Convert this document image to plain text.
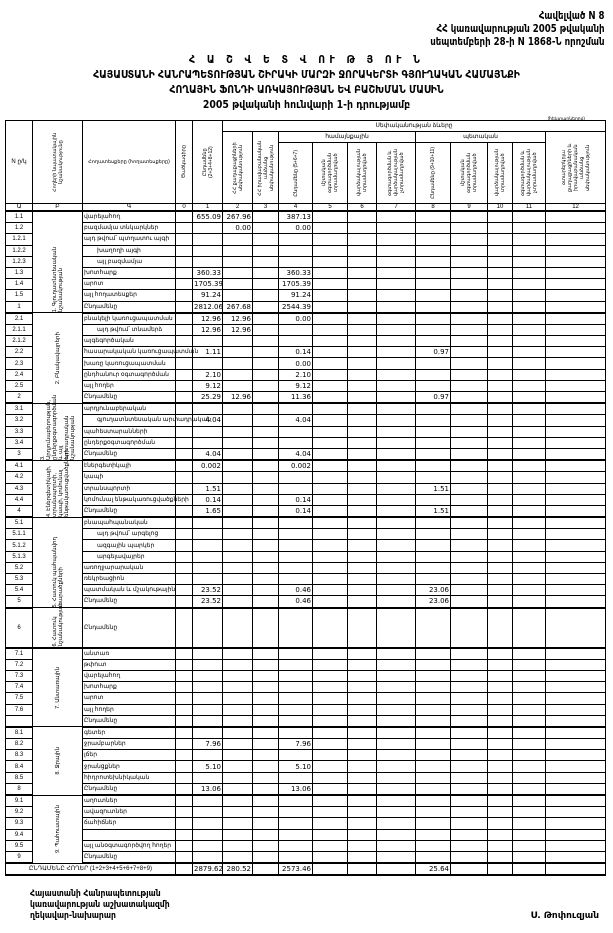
Հավելված N 8
ՀՀ կառավարության 2005 թվականի
սեպտեմբերի 28-ի N 1868-Ն որոշման
Հ Ա Շ Վ Ե Տ Վ ՈՒ Թ Յ ՈՒ Ն
ՀԱՅԱՍՏԱՆԻ ՀԱՆՐԱՊԵՏՈՒԹՅԱՆ ՇԻՐԱԿԻ ՄԱՐԶԻ ՋՈՐԱԿԵՐՏԻ ԳՅՈՒՂԱԿԱՆ ՀԱՄԱՅՆՔԻ
ՀՈՂԱՅԻՆ ՖՈՆԴԻ ԱՌԿԱՅՈՒԹՅԱՆ ԵՎ ԲԱՇԽՄԱՆ ՄԱՍԻՆ
2005 թվականի հունվարի 1-ի դրությամբ
(հեկտարներով)
N ը/կ	Հողերի նպատակային նշանակությունը	Հողատեսքերը (հողատեսքերը)	Ծածկագիրը	Ընդամենը (2+3+4+8+12)	Սեփականության ձևերը										

					ՀՀ քաղաքացիների սեփականություն	ՀՀ իրավաբանական անձանց սեփականություն	համայնքային				պետական				օտարերկրյա քաղաքացիների և իրավաբանական անձանց սեփականություն

							Ընդամենը (5+6+7)	մշտական օգտագործման տրամադրված	վարձակալության տրամադրված	օգտագործման և վարձակալության չտրամադրված	Ընդամենը (9+10+11)	մշտական օգտագործման տրամադրված	վարձակալության տրամադրված	օգտագործման և վարձակալության չտրամադրված	

Ա	Բ	Գ	0	1	2	3	4	5	6	7	8	9	10	11	12
1.1	1. Գյուղատնտեսական նշանակության	վարելահող		655.09	267.96		387.13								
1.2		բազմամյա տնկարկներ			0.00		0.00								
1.2.1		այդ թվում՝ պտղատու այգի													
1.2.2		խաղողի այգի													
1.2.3		այլ բազմամյա													
1.3		խոտհարք		360.33			360.33								
1.4		արոտ		1705.39			1705.39								
1.5		այլ հողատեսքեր		91.24			91.24								
1		Ընդամենը		2812.06	267.68		2544.39								
2.1	2. Բնակավայրերի	բնակելի կառուցապատման		12.96	12.96		0.00								
2.1.1		այդ թվում՝ տնամերձ		12.96	12.96										
2.1.2		այգեգործական													
2.2		հասարակական կառուցապատման		1.11			0.14				0.97				
2.3		խառը կառուցապատման					0.00								
2.4		ընդհանուր օգտագործման		2.10			2.10								
2.5		այլ հողեր		9.12			9.12								
2		Ընդամենը		25.29	12.96		11.36				0.97				
3.1	3. Արդյունաբերության, ընդերքօգտագործման և այլ արտադրական նշանակության	արդյունաբերական													
3.2		գյուղատնտեսական արտադրական		4.04			4.04								
3.3		պահեստարանների													
3.4		ընդերքօգտագործման													
3		Ընդամենը		4.04			4.04								
4.1	4. Էներգետիկայի, տրանսպորտի, կապի, կոմունալ ենթակառուցվածքների	էներգետիկայի		0.002			0.002								
4.2		կապի													
4.3		տրանսպորտի		1.51							1.51				
4.4		կոմունալ ենթակառուցվածքների		0.14			0.14								
4		Ընդամենը		1.65			0.14				1.51				
5.1	5. Հատուկ պահպանվող տարածքների	բնապահպանական													
5.1.1		այդ թվում՝ արգելոց													
5.1.2		ազգային պարկեր													
5.1.3		արգելավայրեր													
5.2		առողջարարական													
5.3		ռեկրեացիոն													
5.4		պատմական և մշակութային		23.52			0.46				23.06				
5		Ընդամենը		23.52			0.46				23.06				
6	6. Հատուկ նշանակության	Ընդամենը													
7.1	7. Անտառային	անտառ													
7.2		թփուտ													
7.3		վարելահող													
7.4		խոտհարք													
7.5		արոտ													
7.6		այլ հողեր													
		Ընդամենը													
8.1	8. Ջրային	գետեր													
8.2		ջրամբարներ		7.96			7.96								
8.3		լճեր													
8.4		ջրանցքներ		5.10			5.10								
8.5		հիդրոտեխնիկական													
8		Ընդամենը		13.06			13.06								
9.1	9. Պահուստային	աղուտներ													
9.2		ավազուտներ													
9.3		ճահիճներ													
9.4															
9.5		այլ անօգտագործվող հողեր													
9		Ընդամենը													
ԸՆԴԱՄԵՆԸ ՀՈՂԵՐ (1+2+3+4+5+6+7+8+9)				2879.62	280.52		2573.46				25.64				
Հայաստանի Հանրապետության
կառավարության աշխատակազմի
ղեկավար-նախարար	Ս. Թոփուզյան
